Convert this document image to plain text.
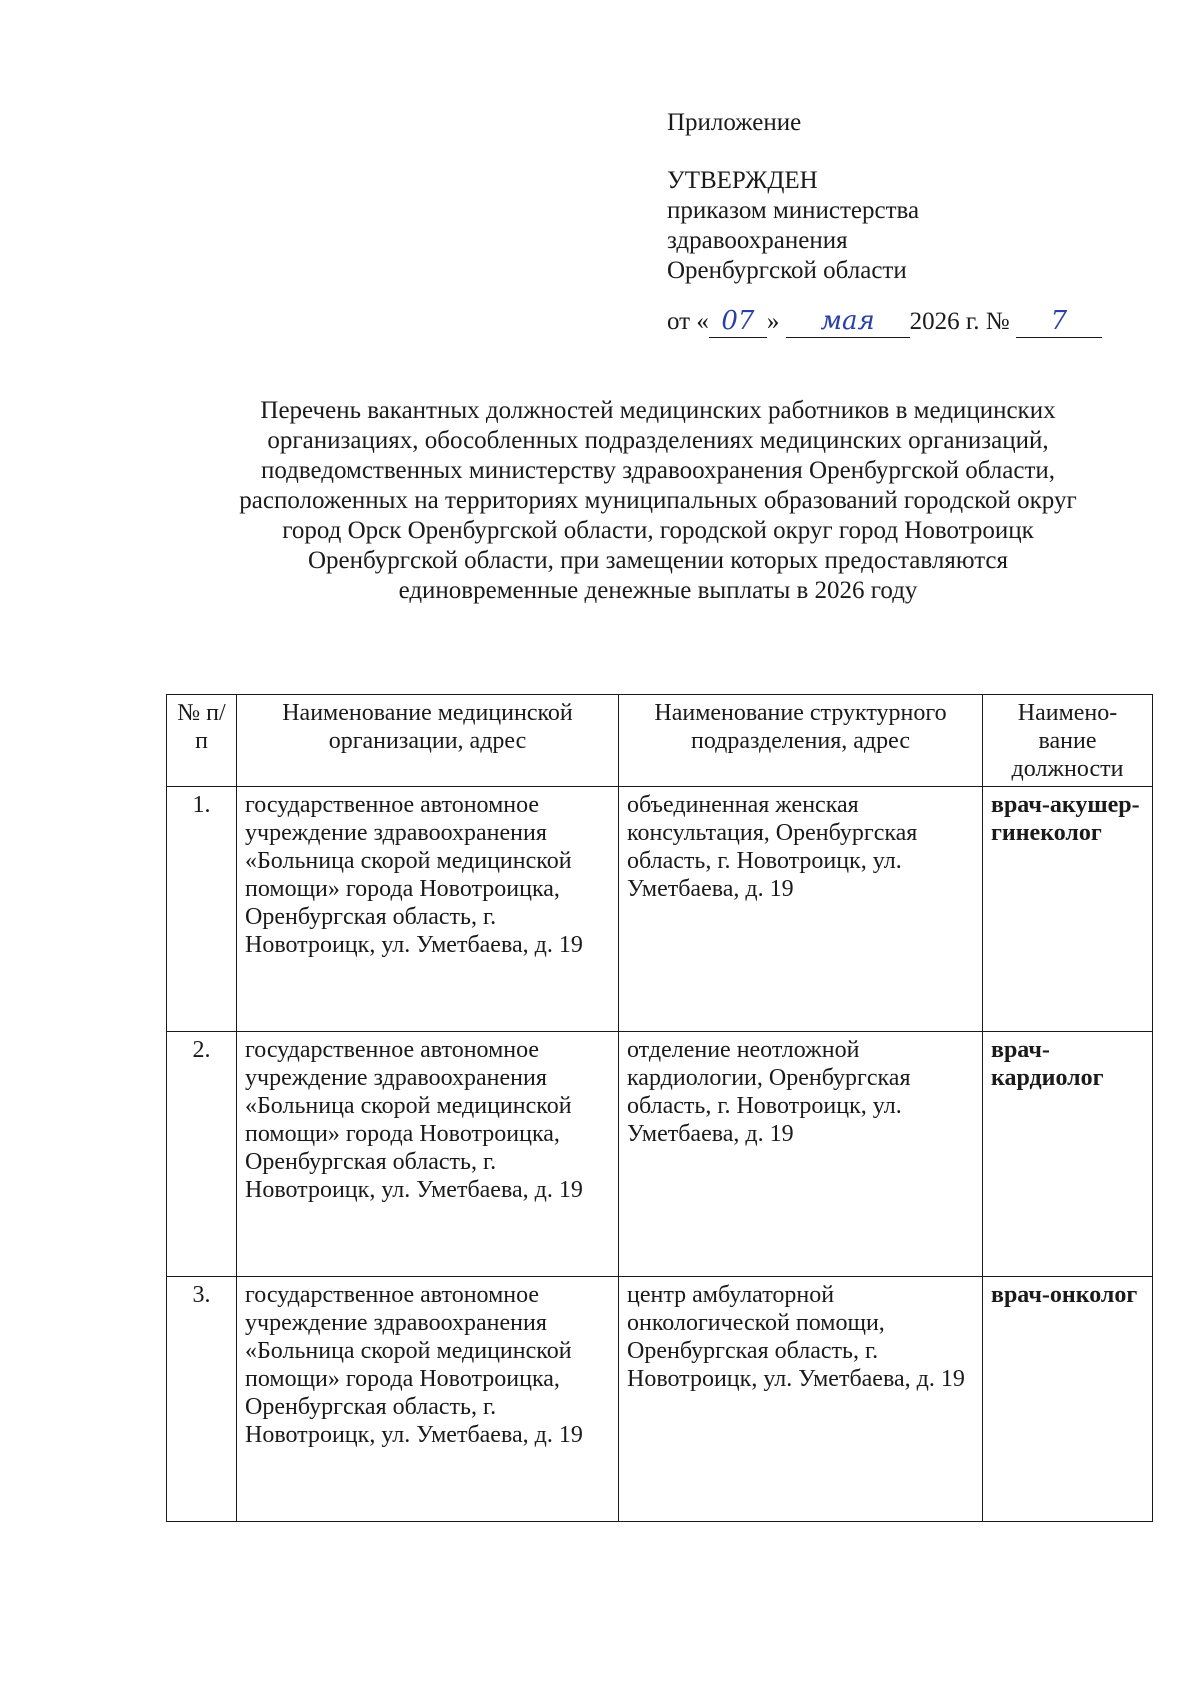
Приложение
УТВЕРЖДЕН
приказом министерства
здравоохранения
Оренбургской области
от « 07 » мая 2026 г. № 7
Перечень вакантных должностей медицинских работников в медицинских организациях, обособленных подразделениях медицинских организаций, подведомственных министерству здравоохранения Оренбургской области, расположенных на территориях муниципальных образований городской округ город Орск Оренбургской области, городской округ город Новотроицк Оренбургской области, при замещении которых предоставляются единовременные денежные выплаты в 2026 году
№ п/п	Наименование медицинской организации, адрес	Наименование структурного подразделения, адрес	Наимено-вание должности
1.	государственное автономное учреждение здравоохранения «Больница скорой медицинской помощи» города Новотроицка, Оренбургская область, г. Новотроицк, ул. Уметбаева, д. 19	объединенная женская консультация, Оренбургская область, г. Новотроицк, ул. Уметбаева, д. 19	врач-акушер-гинеколог
2.	государственное автономное учреждение здравоохранения «Больница скорой медицинской помощи» города Новотроицка, Оренбургская область, г. Новотроицк, ул. Уметбаева, д. 19	отделение неотложной кардиологии, Оренбургская область, г. Новотроицк, ул. Уметбаева, д. 19	врач-кардиолог
3.	государственное автономное учреждение здравоохранения «Больница скорой медицинской помощи» города Новотроицка, Оренбургская область, г. Новотроицк, ул. Уметбаева, д. 19	центр амбулаторной онкологической помощи, Оренбургская область, г. Новотроицк, ул. Уметбаева, д. 19	врач-онколог
